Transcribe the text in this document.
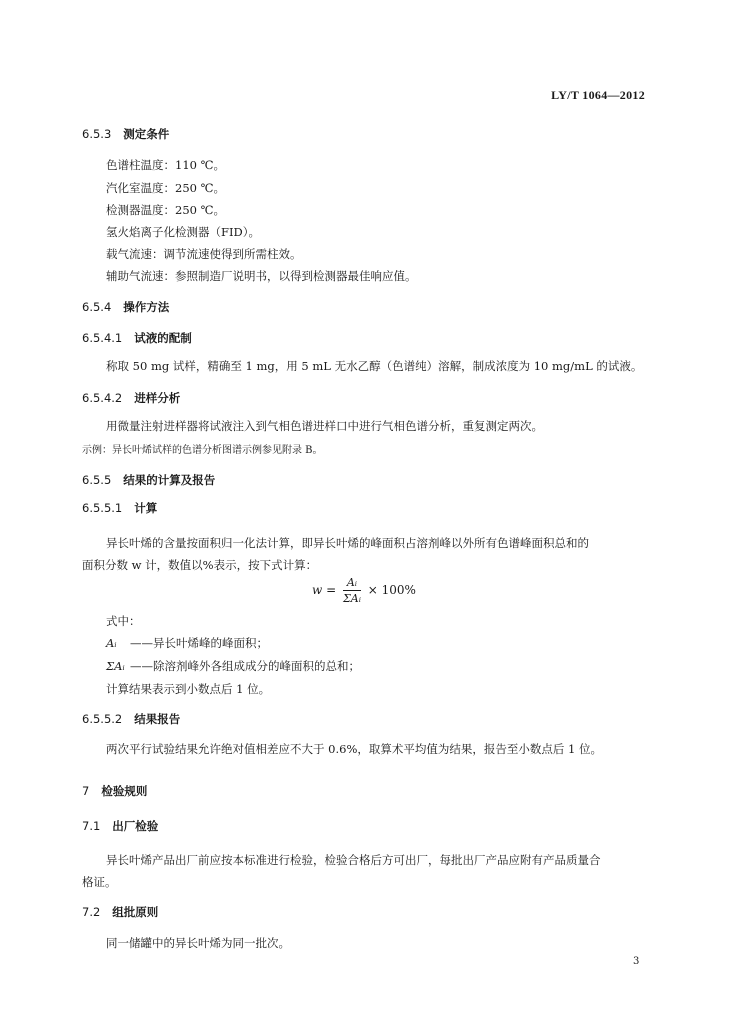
LY/T 1064—2012
6.5.3 测定条件
色谱柱温度：110 ℃。
汽化室温度：250 ℃。
检测器温度：250 ℃。
氢火焰离子化检测器（FID）。
载气流速：调节流速使得到所需柱效。
辅助气流速：参照制造厂说明书，以得到检测器最佳响应值。
6.5.4 操作方法
6.5.4.1 试液的配制
称取 50 mg 试样，精确至 1 mg，用 5 mL 无水乙醇（色谱纯）溶解，制成浓度为 10 mg/mL 的试液。
6.5.4.2 进样分析
用微量注射进样器将试液注入到气相色谱进样口中进行气相色谱分析，重复测定两次。
示例：异长叶烯试样的色谱分析图谱示例参见附录 B。
6.5.5 结果的计算及报告
6.5.5.1 计算
异长叶烯的含量按面积归一化法计算，即异长叶烯的峰面积占溶剂峰以外所有色谱峰面积总和的
面积分数 w 计，数值以%表示，按下式计算：
$w = \frac{\text{Aᵢ}}{\text{ΣAᵢ}} \times 100\%$
式中：
Aᵢ ——异长叶烯峰的峰面积；
ΣAᵢ ——除溶剂峰外各组成成分的峰面积的总和；
计算结果表示到小数点后 1 位。
6.5.5.2 结果报告
两次平行试验结果允许绝对值相差应不大于 0.6%，取算术平均值为结果，报告至小数点后 1 位。
7 检验规则
7.1 出厂检验
异长叶烯产品出厂前应按本标准进行检验，检验合格后方可出厂，每批出厂产品应附有产品质量合
格证。
7.2 组批原则
同一储罐中的异长叶烯为同一批次。
3
